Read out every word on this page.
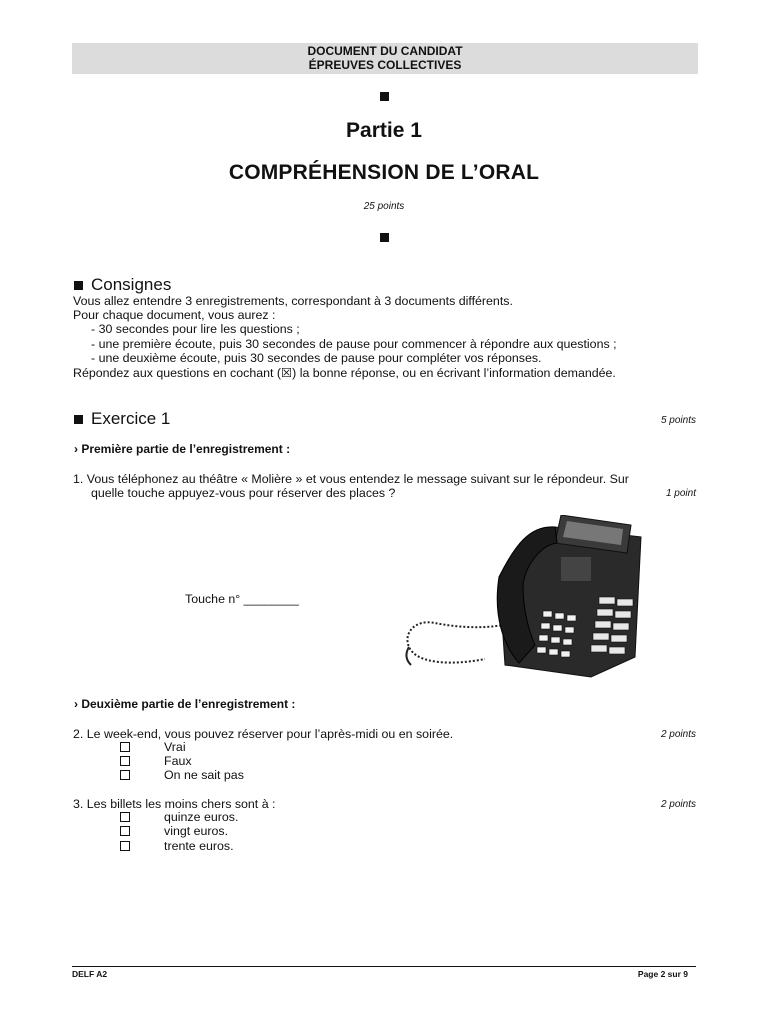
DOCUMENT DU CANDIDAT
ÉPREUVES COLLECTIVES
Partie 1
COMPRÉHENSION DE L’ORAL
25 points
Consignes
Vous allez entendre 3 enregistrements, correspondant à 3 documents différents.
Pour chaque document, vous aurez :
- 30 secondes pour lire les questions ;
- une première écoute, puis 30 secondes de pause pour commencer à répondre aux questions ;
- une deuxième écoute, puis 30 secondes de pause pour compléter vos réponses.
Répondez aux questions en cochant (☒) la bonne réponse, ou en écrivant l’information demandée.
Exercice 1	5 points
› Première partie de l’enregistrement :
1. Vous téléphonez au théâtre « Molière » et vous entendez le message suivant sur le répondeur. Sur
quelle touche appuyez-vous pour réserver des places ?	1 point
Touche n° ________
› Deuxième partie de l’enregistrement :
2. Le week-end, vous pouvez réserver pour l’après-midi ou en soirée.	2 points
Vrai
Faux
On ne sait pas
3. Les billets les moins chers sont à :	2 points
quinze euros.
vingt euros.
trente euros.
DELF A2	Page 2 sur 9
